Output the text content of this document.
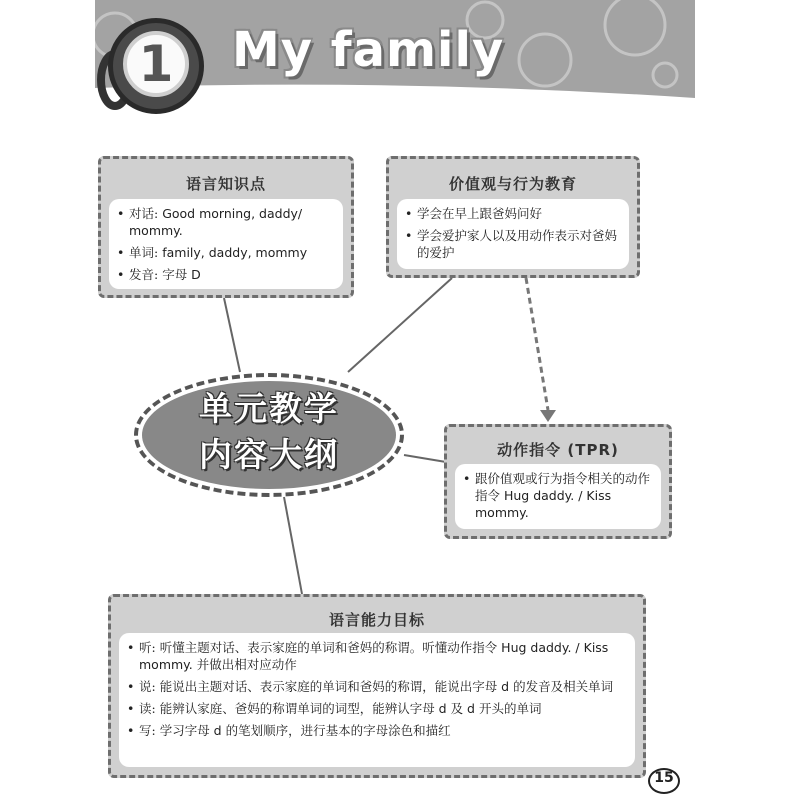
1	My family
语言知识点
• 对话: Good morning, daddy/ mommy.
• 单词: family, daddy, mommy
• 发音: 字母 D
价值观与行为教育
• 学会在早上跟爸妈问好
• 学会爱护家人以及用动作表示对爸妈的爱护
单元教学
内容大纲	动作指令 (TPR)
• 跟价值观或行为指令相关的动作指令 Hug daddy. / Kiss mommy.
语言能力目标
• 听: 听懂主题对话、表示家庭的单词和爸妈的称谓。听懂动作指令 Hug daddy. / Kiss mommy. 并做出相对应动作
• 说: 能说出主题对话、表示家庭的单词和爸妈的称谓，能说出字母 d 的发音及相关单词
• 读: 能辨认家庭、爸妈的称谓单词的词型，能辨认字母 d 及 d 开头的单词
• 写: 学习字母 d 的笔划顺序，进行基本的字母涂色和描红
15
